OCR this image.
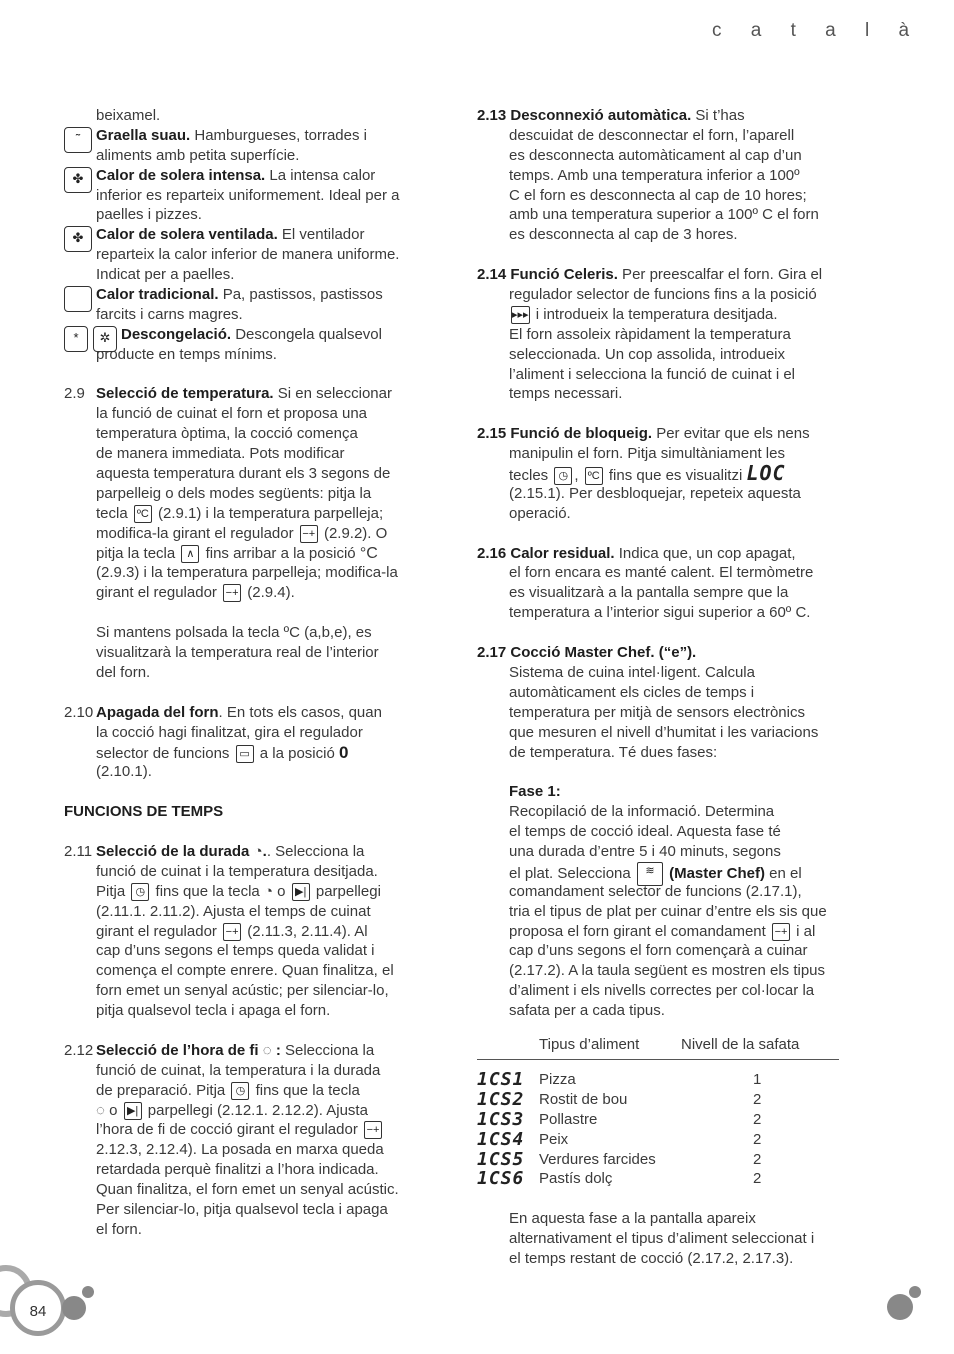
c a t a l à
beixamel.
˜	Graella suau. Hamburgueses, torrades i
aliments amb petita superfície.
✤ Calor de solera intensa. La intensa calor
inferior es reparteix uniformement. Ideal per a
paelles i pizzes.
✤ Calor de solera ventilada. El ventilador
reparteix la calor inferior de manera uniforme.
Indicat per a paelles.
Calor tradicional. Pa, pastissos, pastissos
farcits i carns magres.
*	✲ Descongelació. Descongela qualsevol
producte en temps mínims.
2.9 Selecció de temperatura. Si en seleccionar
la funció de cuinat el forn et proposa una
temperatura òptima, la cocció comença
de manera immediata. Pots modificar
aquesta temperatura durant els 3 segons de
parpelleig o dels modes següents: pitja la
tecla ºC (2.9.1) i la temperatura parpelleja;
modifica-la girant el regulador −+ (2.9.2). O
pitja la tecla ∧ fins arribar a la posició °C
(2.9.3) i la temperatura parpelleja; modifica-la
girant el regulador −+ (2.9.4).
Si mantens polsada la tecla ºC (a,b,e), es
visualitzarà la temperatura real de l’interior
del forn.
2.10 Apagada del forn. En tots els casos, quan
la cocció hagi finalitzat, gira el regulador
selector de funcions ▭ a la posició 0
(2.10.1).
FUNCIONS DE TEMPS
2.11 Selecció de la durada ◔.. Selecciona la
funció de cuinat i la temperatura desitjada.
Pitja ◷ fins que la tecla ◔ o ▶| parpellegi
(2.11.1. 2.11.2). Ajusta el temps de cuinat
girant el regulador −+ (2.11.3, 2.11.4). Al
cap d’uns segons el temps queda validat i
comença el compte enrere. Quan finalitza, el
forn emet un senyal acústic; per silenciar-lo,
pitja qualsevol tecla i apaga el forn.
2.12 Selecció de l’hora de fi ◌ : Selecciona la
funció de cuinat, la temperatura i la durada
de preparació. Pitja ◷ fins que la tecla
◌ o ▶| parpellegi (2.12.1. 2.12.2). Ajusta
l’hora de fi de cocció girant el regulador −+
2.12.3, 2.12.4). La posada en marxa queda
retardada perquè finalitzi a l’hora indicada.
Quan finalitza, el forn emet un senyal acústic.
Per silenciar-lo, pitja qualsevol tecla i apaga
el forn.
2.13 Desconnexió automàtica. Si t’has
descuidat de desconnectar el forn, l’aparell
es desconnecta automàticament al cap d’un
temps. Amb una temperatura inferior a 100º
C el forn es desconnecta al cap de 10 hores;
amb una temperatura superior a 100º C el forn
es desconnecta al cap de 3 hores.
2.14 Funció Celeris. Per preescalfar el forn. Gira el
regulador selector de funcions fins a la posició
▸▸▸ i introdueix la temperatura desitjada.
El forn assoleix ràpidament la temperatura
seleccionada. Un cop assolida, introdueix
l’aliment i selecciona la funció de cuinat i el
temps necessari.
2.15 Funció de bloqueig. Per evitar que els nens
manipulin el forn. Pitja simultàniament les
tecles ◷ , ºC fins que es visualitzi LOC
(2.15.1). Per desbloquejar, repeteix aquesta
operació.
2.16 Calor residual. Indica que, un cop apagat,
el forn encara es manté calent. El termòmetre
es visualitzarà a la pantalla sempre que la
temperatura a l’interior sigui superior a 60º C.
2.17 Cocció Master Chef. (“e”).
Sistema de cuina intel·ligent. Calcula
automàticament els cicles de temps i
temperatura per mitjà de sensors electrònics
que mesuren el nivell d’humitat i les variacions
de temperatura. Té dues fases:
Fase 1:
Recopilació de la informació. Determina
el temps de cocció ideal. Aquesta fase té
una durada d’entre 5 i 40 minuts, segons
el plat. Selecciona ≋ (Master Chef) en el
comandament selector de funcions (2.17.1),
tria el tipus de plat per cuinar d’entre els sis que
proposa el forn girant el comandament −+ i al
cap d’uns segons el forn començarà a cuinar
(2.17.2). A la taula següent es mostren els tipus
d’aliment i els nivells correctes per col·locar la
safata per a cada tipus.
Tipus d’aliment	Nivell de la safata
1CS1 Pizza	1
1CS2 Rostit de bou	2
1CS3 Pollastre	2
1CS4 Peix	2
1CS5 Verdures farcides	2
1CS6 Pastís dolç	2
En aquesta fase a la pantalla apareix
alternativament el tipus d’aliment seleccionat i
el temps restant de cocció (2.17.2, 2.17.3).
84
